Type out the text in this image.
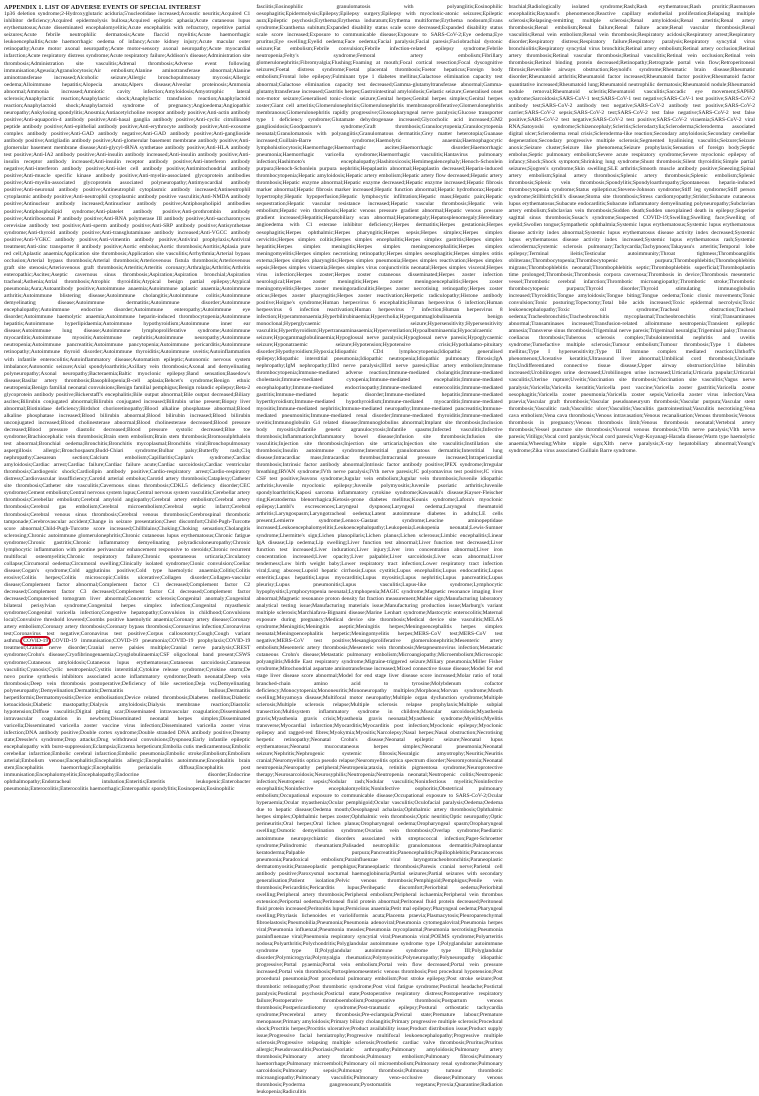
APPENDIX 1. LIST OF ADVERSE EVENTS OF SPECIAL INTEREST

1p36 deletion syndrome;2-Hydroxyglutaric aciduria;5'nucleotidase increased;Acoustic neuritis;Acquired C1 inhibitor deficiency;Acquired epidermolysis bullosa;Acquired epileptic aphasia;Acute cutaneous lupus erythematosus;Acute disseminated encephalomyelitis;Acute encephalitis with refractory, repetitive partial seizures;Acute febrile neutrophilic dermatosis;Acute flaccid myelitis;Acute haemorrhagic leukoencephalitis;Acute haemorrhagic oedema of infancy;Acute kidney injury;Acute macular outer retinopathy;Acute motor axonal neuropathy;Acute motor-sensory axonal neuropathy;Acute myocardial infarction;Acute respiratory distress syndrome;Acute respiratory failure;Addison's disease;Administration site thrombosis;Administration site vasculitis;Adrenal thrombosis;Adverse event following immunisation;Ageusia;Agranulocytosis;Air embolism;Alanine aminotransferase abnormal;Alanine aminotransferase increased;Alcoholic seizure;Allergic bronchopulmonary mycosis;Allergic oedema;Alloimmune hepatitis;Alopecia areata;Alpers disease;Alveolar proteinosis;Ammonia abnormal;Ammonia increased;Amniotic cavity infection;Amyloidosis;Amyotrophic lateral sclerosis;Anaphylactic reaction;Anaphylactic shock;Anaphylactic transfusion reaction;Anaphylactoid reaction;Anaphylactoid shock;Anaphylactoid syndrome of pregnancy;Angioedema;Angiopathic neuropathy;Ankylosing spondylitis;Anosmia;Antiacetylcholine receptor antibody positive;Anti-actin antibody positive;Anti-aquaporin-4 antibody positive;Anti-basal ganglia antibody positive;Anti-cyclic citrullinated peptide antibody positive;Anti-epithelial antibody positive;Anti-erythrocyte antibody positive;Anti-exosome complex antibody positive;Anti-GAD antibody negative;Anti-GAD antibody positive;Anti-ganglioside antibody positive;Antigliadin antibody positive;Anti-glomerular basement membrane antibody positive;Anti-glomerular basement membrane disease;Anti-glycyl-tRNA synthetase antibody positive;Anti-HLA antibody test positive;Anti-IA2 antibody positive;Anti-insulin antibody increased;Anti-insulin antibody positive;Anti-insulin receptor antibody increased;Anti-insulin receptor antibody positive;Anti-interferon antibody negative;Anti-interferon antibody positive;Anti-islet cell antibody positive;Antimitochondrial antibody positive;Anti-muscle specific kinase antibody positive;Anti-myelin-associated glycoprotein antibodies positive;Anti-myelin-associated glycoprotein associated polyneuropathy;Antimyocardial antibody positive;Anti-neuronal antibody positive;Antineutrophil cytoplasmic antibody increased;Antineutrophil cytoplasmic antibody positive;Anti-neutrophil cytoplasmic antibody positive vasculitis;Anti-NMDA antibody positive;Antinuclear antibody increased;Antinuclear antibody positive;Antiphospholipid antibodies positive;Antiphospholipid syndrome;Anti-platelet antibody positive;Anti-prothrombin antibody positive;Antiribosomal P antibody positive;Anti-RNA polymerase III antibody positive;Anti-saccharomyces cerevisiae antibody test positive;Anti-sperm antibody positive;Anti-SRP antibody positive;Antisynthetase syndrome;Anti-thyroid antibody positive;Anti-transglutaminase antibody increased;Anti-VGCC antibody positive;Anti-VGKC antibody positive;Anti-vimentin antibody positive;Antiviral prophylaxis;Antiviral treatment;Anti-zinc transporter 8 antibody positive;Aortic embolus;Aortic thrombosis;Aortitis;Aplasia pure red cell;Aplastic anaemia;Application site thrombosis;Application site vasculitis;Arrhythmia;Arterial bypass occlusion;Arterial bypass thrombosis;Arterial thrombosis;Arteriovenous fistula thrombosis;Arteriovenous graft site stenosis;Arteriovenous graft thrombosis;Arteritis;Arteritis coronary;Arthralgia;Arthritis;Arthritis enteropathic;Ascites;Aseptic cavernous sinus thrombosis;Aspiration;Aspiration bronchial;Aspiration tracheal;Asthenia;Atrial thrombosis;Atrophic thyroiditis;Atypical benign partial epilepsy;Atypical pneumonia;Aura;Autoantibody positive;Autoimmune anaemia;Autoimmune aplastic anaemia;Autoimmune arthritis;Autoimmune blistering disease;Autoimmune cholangitis;Autoimmune colitis;Autoimmune demyelinating disease;Autoimmune dermatitis;Autoimmune disorder;Autoimmune encephalopathy;Autoimmune endocrine disorder;Autoimmune enteropathy;Autoimmune eye disorder;Autoimmune haemolytic anaemia;Autoimmune heparin-induced thrombocytopenia;Autoimmune hepatitis;Autoimmune hyperlipidaemia;Autoimmune hypothyroidism;Autoimmune inner ear disease;Autoimmune lung disease;Autoimmune lymphoproliferative syndrome;Autoimmune myocarditis;Autoimmune myositis;Autoimmune nephritis;Autoimmune neuropathy;Autoimmune neutropenia;Autoimmune pancreatitis;Autoimmune pancytopenia;Autoimmune pericarditis;Autoimmune retinopathy;Autoimmune thyroid disorder;Autoimmune thyroiditis;Autoimmune uveitis;Autoinflammation with infantile enterocolitis;Autoinflammatory disease;Automatism epileptic;Autonomic nervous system imbalance;Autonomic seizure;Axial spondyloarthritis;Axillary vein thrombosis;Axonal and demyelinating polyneuropathy;Axonal neuropathy;Bacteraemia;Baltic myoclonic epilepsy;Band sensation;Basedow's disease;Basilar artery thrombosis;Basophilopenia;B-cell aplasia;Behcet's syndrome;Benign ethnic neutropenia;Benign familial neonatal convulsions;Benign familial pemphigus;Benign rolandic epilepsy;Beta-2 glycoprotein antibody positive;Bickerstaff's encephalitis;Bile output abnormal;Bile output decreased;Biliary ascites;Bilirubin conjugated abnormal;Bilirubin conjugated increased;Bilirubin urine present;Biopsy liver abnormal;Biotinidase deficiency;Birdshot chorioretinopathy;Blood alkaline phosphatase abnormal;Blood alkaline phosphatase increased;Blood bilirubin abnormal;Blood bilirubin increased;Blood bilirubin unconjugated increased;Blood cholinesterase abnormal;Blood cholinesterase decreased;Blood pressure decreased;Blood pressure diastolic decreased;Blood pressure systolic decreased;Blue toe syndrome;Brachiocephalic vein thrombosis;Brain stem embolism;Brain stem thrombosis;Bromosulphthalein test abnormal;Bronchial oedema;Bronchitis;Bronchitis mycoplasmal;Bronchitis viral;Bronchopulmonary aspergillosis allergic;Bronchospasm;Budd-Chiari syndrome;Bulbar palsy;Butterfly rash;C1q nephropathy;Caesarean section;Calcium embolism;Capillaritis;Caplan's syndrome;Cardiac amyloidosis;Cardiac arrest;Cardiac failure;Cardiac failure acute;Cardiac sarcoidosis;Cardiac ventricular thrombosis;Cardiogenic shock;Cardiolipin antibody positive;Cardio-respiratory arrest;Cardio-respiratory distress;Cardiovascular insufficiency;Carotid arterial embolus;Carotid artery thrombosis;Cataplexy;Catheter site thrombosis;Catheter site vasculitis;Cavernous sinus thrombosis;CDKL5 deficiency disorder;CEC syndrome;Cement embolism;Central nervous system lupus;Central nervous system vasculitis;Cerebellar artery thrombosis;Cerebellar embolism;Cerebral amyloid angiopathy;Cerebral artery embolism;Cerebral artery thrombosis;Cerebral gas embolism;Cerebral microembolism;Cerebral septic infarct;Cerebral thrombosis;Cerebral venous sinus thrombosis;Cerebral venous thrombosis;Cerebrospinal thrombotic tamponade;Cerebrovascular accident;Change in seizure presentation;Chest discomfort;Child-Pugh-Turcotte score abnormal;Child-Pugh-Turcotte score increased;Chillblains;Choking;Choking sensation;Cholangitis sclerosing;Chronic autoimmune glomerulonephritis;Chronic cutaneous lupus erythematosus;Chronic fatigue syndrome;Chronic gastritis;Chronic inflammatory demyelinating polyradiculoneuropathy;Chronic lymphocytic inflammation with pontine perivascular enhancement responsive to steroids;Chronic recurrent multifocal osteomyelitis;Chronic respiratory failure;Chronic spontaneous urticaria;Circulatory collapse;Circumoral oedema;Circumoral swelling;Clinically isolated syndrome;Clonic convulsion;Coeliac disease;Cogan's syndrome;Cold agglutinins positive;Cold type haemolytic anaemia;Colitis;Colitis erosive;Colitis herpes;Colitis microscopic;Colitis ulcerative;Collagen disorder;Collagen-vascular disease;Complement factor abnormal;Complement factor C1 decreased;Complement factor C2 decreased;Complement factor C3 decreased;Complement factor C4 decreased;Complement factor decreased;Computerised tomogram liver abnormal;Concentric sclerosis;Congenital anomaly;Congenital bilateral perisylvian syndrome;Congenital herpes simplex infection;Congenital myasthenic syndrome;Congenital varicella infection;Congestive hepatopathy;Convulsion in childhood;Convulsions local;Convulsive threshold lowered;Coombs positive haemolytic anaemia;Coronary artery disease;Coronary artery embolism;Coronary artery thrombosis;Coronary bypass thrombosis;Coronavirus infection;Coronavirus test;Coronavirus test negative;Coronavirus test positive;Corpus callosotomy;Cough;Cough variant asthma; COVID-19 ;COVID-19 immunisation;COVID-19 pneumonia;COVID-19 prophylaxis;COVID-19 treatment;Cranial nerve disorder;Cranial nerve palsies multiple;Cranial nerve paralysis;CREST syndrome;Crohn's disease;Cryofibrinogenaemia;Cryoglobulinaemia;CSF oligoclonal band present;CSWS syndrome;Cutaneous amyloidosis;Cutaneous lupus erythematosus;Cutaneous sarcoidosis;Cutaneous vasculitis;Cyanosis;Cyclic neutropenia;Cystitis interstitial;Cytokine release syndrome;Cytokine storm;De novo purine synthesis inhibitors associated acute inflammatory syndrome;Death neonatal;Deep vein thrombosis;Deep vein thrombosis postoperative;Deficiency of bile secretion;Deja vu;Demyelinating polyneuropathy;Demyelination;Dermatitis;Dermatitis bullous;Dermatitis herpetiformis;Dermatomyositis;Device embolisation;Device related thrombosis;Diabetes mellitus;Diabetic ketoacidosis;Diabetic mastopathy;Dialysis amyloidosis;Dialysis membrane reaction;Diastolic hypotension;Diffuse vasculitis;Digital pitting scar;Disseminated intravascular coagulation;Disseminated intravascular coagulation in newborn;Disseminated neonatal herpes simplex;Disseminated varicella;Disseminated varicella zoster vaccine virus infection;Disseminated varicella zoster virus infection;DNA antibody positive;Double cortex syndrome;Double stranded DNA antibody positive;Dreamy state;Dressler's syndrome;Drop attacks;Drug withdrawal convulsions;Dyspnoea;Early infantile epileptic encephalopathy with burst-suppression;Eclampsia;Eczema herpeticum;Embolia cutis medicamentosa;Embolic cerebellar infarction;Embolic cerebral infarction;Embolic pneumonia;Embolic stroke;Embolism;Embolism arterial;Embolism venous;Encephalitis;Encephalitis allergic;Encephalitis autoimmune;Encephalitis brain stem;Encephalitis haemorrhagic;Encephalitis periaxialis diffusa;Encephalitis post immunisation;Encephalomyelitis;Encephalopathy;Endocrine disorder;Endocrine ophthalmopathy;Endotracheal intubation;Enteritis;Enteritis leukopenic;Enterobacter pneumonia;Enterocolitis;Enterocolitis haemorrhagic;Enteropathic spondylitis;Eosinopenia;Eosinophilic

fasciitis;Eosinophilic granulomatosis with polyangiitis;Eosinophilic oesophagitis;Epidermolysis;Epilepsy;Epilepsy surgery;Epilepsy with myoclonic-atonic seizures;Epileptic aura;Epileptic psychosis;Erythema;Erythema induratum;Erythema multiforme;Erythema nodosum;Evans syndrome;Exanthema subitum;Expanded disability status scale score decreased;Expanded disability status scale score increased;Exposure to communicable disease;Exposure to SARS-CoV-2;Eye oedema;Eye pruritus;Eye swelling;Eyelid oedema;Face oedema;Facial paralysis;Facial paresis;Faciobrachial dystonic seizure;Fat embolism;Febrile convulsion;Febrile infection-related epilepsy syndrome;Febrile neutropenia;Felty's syndrome;Femoral artery embolism;Fibrillary glomerulonephritis;Fibromyalgia;Flushing;Foaming at mouth;Focal cortical resection;Focal dyscognitive seizures;Foetal distress syndrome;Foetal placental thrombosis;Foetor hepaticus;Foreign body embolism;Frontal lobe epilepsy;Fulminant type 1 diabetes mellitus;Galactose elimination capacity test abnormal;Galactose elimination capacity test decreased;Gamma-glutamyltransferase abnormal;Gamma-glutamyltransferase increased;Gastritis herpes;Gastrointestinal amyloidosis;Gelastic seizure;Generalised onset non-motor seizure;Generalised tonic-clonic seizure;Genital herpes;Genital herpes simplex;Genital herpes zoster;Giant cell arteritis;Glomerulonephritis;Glomerulonephritis membranoproliferative;Glomerulonephritis membranous;Glomerulonephritis rapidly progressive;Glossopharyngeal nerve paralysis;Glucose transporter type 1 deficiency syndrome;Glutamate dehydrogenase increased;Glycocholic acid increased;GM2 gangliosidosis;Goodpasture's syndrome;Graft thrombosis;Granulocytopenia;Granulocytopenia neonatal;Granulomatosis with polyangiitis;Granulomatous dermatitis;Grey matter heterotopia;Guanase increased;Guillain-Barre syndrome;Haemolytic anaemia;Haemophagocytic lymphohistiocytosis;Haemorrhage;Haemorrhagic ascites;Haemorrhagic disorder;Haemorrhagic pneumonia;Haemorrhagic varicella syndrome;Haemorrhagic vasculitis;Hantavirus pulmonary infection;Hashimoto's encephalopathy;Hashitoxicosis;Hemimegalencephaly;Henoch-Schonlein purpura;Henoch-Schonlein purpura nephritis;Hepaplastin abnormal;Hepaplastin decreased;Heparin-induced thrombocytopenia;Hepatic amyloidosis;Hepatic artery embolism;Hepatic artery flow decreased;Hepatic artery thrombosis;Hepatic enzyme abnormal;Hepatic enzyme decreased;Hepatic enzyme increased;Hepatic fibrosis marker abnormal;Hepatic fibrosis marker increased;Hepatic function abnormal;Hepatic hydrothorax;Hepatic hypertrophy;Hepatic hypoperfusion;Hepatic lymphocytic infiltration;Hepatic mass;Hepatic pain;Hepatic sequestration;Hepatic vascular resistance increased;Hepatic vascular thrombosis;Hepatic vein embolism;Hepatic vein thrombosis;Hepatic venous pressure gradient abnormal;Hepatic venous pressure gradient increased;Hepatitis;Hepatobiliary scan abnormal;Hepatomegaly;Hepatosplenomegaly;Hereditary angioedema with C1 esterase inhibitor deficiency;Herpes dermatitis;Herpes gestationis;Herpes oesophagitis;Herpes ophthalmic;Herpes pharyngitis;Herpes sepsis;Herpes simplex;Herpes simplex cervicitis;Herpes simplex colitis;Herpes simplex encephalitis;Herpes simplex gastritis;Herpes simplex hepatitis;Herpes simplex meningitis;Herpes simplex meningoencephalitis;Herpes simplex meningomyelitis;Herpes simplex necrotising retinopathy;Herpes simplex oesophagitis;Herpes simplex otitis externa;Herpes simplex pharyngitis;Herpes simplex pneumonia;Herpes simplex reactivation;Herpes simplex sepsis;Herpes simplex viraemia;Herpes simplex virus conjunctivitis neonatal;Herpes simplex visceral;Herpes virus infection;Herpes zoster;Herpes zoster cutaneous disseminated;Herpes zoster infection neurological;Herpes zoster meningitis;Herpes zoster meningoencephalitis;Herpes zoster meningomyelitis;Herpes zoster meningoradiculitis;Herpes zoster necrotising retinopathy;Herpes zoster oticus;Herpes zoster pharyngitis;Herpes zoster reactivation;Herpetic radiculopathy;Histone antibody positive;Hoigne's syndrome;Human herpesvirus 6 encephalitis;Human herpesvirus 6 infection;Human herpesvirus 6 infection reactivation;Human herpesvirus 7 infection;Human herpesvirus 8 infection;Hyperammonaemia;Hyperbilirubinaemia;Hypercholia;Hypergammaglobulinaemia benign monoclonal;Hyperglycaemic seizure;Hypersensitivity;Hypersensitivity vasculitis;Hyperthyroidism;Hypertransaminasaemia;Hyperventilation;Hypoalbuminaemia;Hypocalcaemic seizure;Hypogammaglobulinaemia;Hypoglossal nerve paralysis;Hypoglossal nerve paresis;Hypoglycaemic seizure;Hyponatraemic seizure;Hypotension;Hypotensive crisis;Hypothalamo-pituitary disorder;Hypothyroidism;Hypoxia;Idiopathic CD4 lymphocytopenia;Idiopathic generalised epilepsy;Idiopathic interstitial pneumonia;Idiopathic neutropenia;Idiopathic pulmonary fibrosis;IgA nephropathy;IgM nephropathy;IIIrd nerve paralysis;IIIrd nerve paresis;Iliac artery embolism;Immune thrombocytopenia;Immune-mediated adverse reaction;Immune-mediated cholangitis;Immune-mediated cholestasis;Immune-mediated cytopenia;Immune-mediated encephalitis;Immune-mediated encephalopathy;Immune-mediated endocrinopathy;Immune-mediated enterocolitis;Immune-mediated gastritis;Immune-mediated hepatic disorder;Immune-mediated hepatitis;Immune-mediated hyperthyroidism;Immune-mediated hypothyroidism;Immune-mediated myocarditis;Immune-mediated myositis;Immune-mediated nephritis;Immune-mediated neuropathy;Immune-mediated pancreatitis;Immune-mediated pneumonitis;Immune-mediated renal disorder;Immune-mediated thyroiditis;Immune-mediated uveitis;Immunoglobulin G4 related disease;Immunoglobulins abnormal;Implant site thrombosis;Inclusion body myositis;Infantile genetic agranulocytosis;Infantile spasms;Infected vasculitis;Infective thrombosis;Inflammation;Inflammatory bowel disease;Infusion site thrombosis;Infusion site vasculitis;Injection site thrombosis;Injection site urticaria;Injection site vasculitis;Instillation site thrombosis;Insulin autoimmune syndrome;Interstitial granulomatous dermatitis;Interstitial lung disease;Intracardiac mass;Intracardiac thrombus;Intracranial pressure increased;Intrapericardial thrombosis;Intrinsic factor antibody abnormal;Intrinsic factor antibody positive;IPEX syndrome;Irregular breathing;IRVAN syndrome;IVth nerve paralysis;IVth nerve paresis;JC polyomavirus test positive;JC virus CSF test positive;Jeavons syndrome;Jugular vein embolism;Jugular vein thrombosis;Juvenile idiopathic arthritis;Juvenile myoclonic epilepsy;Juvenile polymyositis;Juvenile psoriatic arthritis;Juvenile spondyloarthritis;Kaposi sarcoma inflammatory cytokine syndrome;Kawasaki's disease;Kayser-Fleischer ring;Keratoderma blenorrhagica;Ketosis-prone diabetes mellitus;Kounis syndrome;Lafora's myoclonic epilepsy;Lambl's excrescences;Laryngeal dyspnoea;Laryngeal oedema;Laryngeal rheumatoid arthritis;Laryngospasm;Laryngotracheal oedema;Latent autoimmune diabetes in adults;LE cells present;Lemierre syndrome;Lennox-Gastaut syndrome;Leucine aminopeptidase increased;Leukoencephalomyelitis;Leukoencephalopathy;Leukopenia;Leukopenia neonatal;Lewis-Sumner syndrome;Lhermitte's sign;Lichen planopilaris;Lichen planus;Lichen sclerosus;Limbic encephalitis;Linear IgA disease;Lip oedema;Lip swelling;Liver function test abnormal;Liver function test decreased;Liver function test increased;Liver induration;Liver injury;Liver iron concentration abnormal;Liver iron concentration increased;Liver opacity;Liver palpable;Liver sarcoidosis;Liver scan abnormal;Liver tenderness;Low birth weight baby;Lower respiratory tract infection;Lower respiratory tract infection viral;Lung abscess;Lupoid hepatic cirrhosis;Lupus cystitis;Lupus encephalitis;Lupus endocarditis;Lupus enteritis;Lupus hepatitis;Lupus myocarditis;Lupus myositis;Lupus nephritis;Lupus pancreatitis;Lupus pleurisy;Lupus pneumonitis;Lupus vasculitis;Lupus-like syndrome;Lymphocytic hypophysitis;Lymphocytopenia neonatal;Lymphopenia;MAGIC syndrome;Magnetic resonance imaging liver abnormal;Magnetic resonance proton density fat fraction measurement;Mahler sign;Manufacturing laboratory analytical testing issue;Manufacturing materials issue;Manufacturing production issue;Marburg's variant multiple sclerosis;Marchiafava-Bignami disease;Marine Lenhart syndrome;Mastocytic enterocolitis;Maternal exposure during pregnancy;Medical device site thrombosis;Medical device site vasculitis;MELAS syndrome;Meningitis;Meningitis aseptic;Meningitis herpes;Meningoencephalitis herpes simplex neonatal;Meningoencephalitis herpetic;Meningomyelitis herpes;MERS-CoV test;MERS-CoV test negative;MERS-CoV test positive;Mesangioproliferative glomerulonephritis;Mesenteric artery embolism;Mesenteric artery thrombosis;Mesenteric vein thrombosis;Metapneumovirus infection;Metastatic cutaneous Crohn's disease;Metastatic pulmonary embolism;Microangiopathy;Microembolism;Microscopic polyangiitis;Middle East respiratory syndrome;Migraine-triggered seizure;Miliary pneumonia;Miller Fisher syndrome;Mitochondrial aspartate aminotransferase increased;Mixed connective tissue disease;Model for end stage liver disease score abnormal;Model for end stage liver disease score increased;Molar ratio of total branched-chain amino acid to tyrosine;Molybdenum cofactor deficiency;Monocytopenia;Mononeuritis;Mononeuropathy multiplex;Morphoea;Morvan syndrome;Mouth swelling;Moyamoya disease;Multifocal motor neuropathy;Multiple organ dysfunction syndrome;Multiple sclerosis;Multiple sclerosis relapse;Multiple sclerosis relapse prophylaxis;Multiple subpial transection;Multisystem inflammatory syndrome in children;Muscular sarcoidosis;Myasthenia gravis;Myasthenia gravis crisis;Myasthenia gravis neonatal;Myasthenic syndrome;Myelitis;Myelitis transverse;Myocardial infarction;Myocarditis;Myocarditis post infection;Myoclonic epilepsy;Myoclonic epilepsy and ragged-red fibres;Myokymia;Myositis;Narcolepsy;Nasal herpes;Nasal obstruction;Necrotising herpetic retinopathy;Neonatal Crohn's disease;Neonatal epileptic seizure;Neonatal lupus erythematosus;Neonatal mucocutaneous herpes simplex;Neonatal pneumonia;Neonatal seizure;Nephritis;Nephrogenic systemic fibrosis;Neuralgic amyotrophy;Neuritis;Neuritis cranial;Neuromyelitis optica pseudo relapse;Neuromyelitis optica spectrum disorder;Neuromyotonia;Neonatal neutropenia;Neuropathy peripheral;Neutropenia;ataxia, retinitis pigmentosa syndrome;Neuroprotective therapy;Neurosarcoidosis;Neurosyphilis;Neutropenia;Neutropenia neonatal;Neutropenic colitis;Neutropenic infection;Neutropenic sepsis;Nodular rash;Nodular vasculitis;Noninfectious myelitis;Noninfective encephalitis;Noninfective encephalomyelitis;Noninfective oophoritis;Obstetrical pulmonary embolism;Occupational exposure to communicable disease;Occupational exposure to SARS-CoV-2;Ocular hyperaemia;Ocular myasthenia;Ocular pemphigoid;Ocular vasculitis;Oculofacial paralysis;Oedema;Oedema due to hepatic disease;Oedema mouth;Oesophageal achalasia;Ophthalmic artery thrombosis;Ophthalmic herpes simplex;Ophthalmic herpes zoster;Ophthalmic vein thrombosis;Optic neuritis;Optic neuropathy;Optic perineuritis;Oral herpes;Oral lichen planus;Oropharyngeal oedema;Oropharyngeal spasm;Oropharyngeal swelling;Osmotic demyelination syndrome;Ovarian vein thrombosis;Overlap syndrome;Paediatric autoimmune neuropsychiatric disorders associated with streptococcal infection;Paget-Schroetter syndrome;Palindromic rheumatism;Palisaded neutrophilic granulomatous dermatitis;Palmoplantar keratoderma;Palpable purpura;Pancreatitis;Panencephalitis;Papillophlebitis;Paracancerous pneumonia;Paradoxical embolism;Parainfluenzae viral laryngotracheobronchitis;Paraneoplastic dermatomyositis;Paraneoplastic pemphigus;Paraneoplastic thrombosis;Paresis cranial nerve;Parietal cell antibody positive;Paroxysmal nocturnal haemoglobinuria;Partial seizures;Partial seizures with secondary generalisation;Patient isolation;Pelvic venous thrombosis;Pemphigoid;Pemphigus;Penile vein thrombosis;Pericarditis;Pericarditis lupus;Perihepatic discomfort;Periorbital oedema;Periorbital swelling;Peripheral artery thrombosis;Peripheral embolism;Peripheral ischaemia;Peripheral vein thrombus extension;Periportal oedema;Peritoneal fluid protein abnormal;Peritoneal fluid protein decreased;Peritoneal fluid protein increased;Peritonitis lupus;Pernicious anaemia;Petit mal epilepsy;Pharyngeal oedema;Pharyngeal swelling;Pityriasis lichenoides et varioliformis acuta;Placenta praevia;Plasmacytosis;Pleuroparenchymal fibroelastosis;Pneumobilia;Pneumonia;Pneumonia adenoviral;Pneumonia cytomegaloviral;Pneumonia herpes viral;Pneumonia influenzal;Pneumonia measles;Pneumonia mycoplasmal;Pneumonia necrotising;Pneumonia parainfluenzae viral;Pneumonia respiratory syncytial viral;Pneumonia viral;POEMS syndrome;Polyarteritis nodosa;Polyarthritis;Polychondritis;Polyglandular autoimmune syndrome type I;Polyglandular autoimmune syndrome type II;Polyglandular autoimmune syndrome type III;Polyglandular disorder;Polymicrogyria;Polymyalgia rheumatica;Polymyositis;Polyneuropathy;Polyneuropathy idiopathic progressive;Portal pyaemia;Portal vein embolism;Portal vein flow decreased;Portal vein pressure increased;Portal vein thrombosis;Portosplenomesenteric venous thrombosis;Post procedural hypotension;Post procedural pneumonia;Post procedural pulmonary embolism;Post stroke epilepsy;Post stroke seizure;Post thrombotic retinopathy;Post thrombotic syndrome;Post viral fatigue syndrome;Postictal headache;Postictal paralysis;Postictal psychosis;Postictal state;Postoperative respiratory distress;Postoperative respiratory failure;Postoperative thromboembolism;Postoperative thrombosis;Postpartum venous thrombosis;Postpericardiotomy syndrome;Post-traumatic epilepsy;Postural orthostatic tachycardia syndrome;Precerebral artery thrombosis;Pre-eclampsia;Preictal state;Premature labour;Premature menopause;Primary amyloidosis;Primary biliary cholangitis;Primary progressive multiple sclerosis;Procedural shock;Proctitis herpes;Proctitis ulcerative;Product availability issue;Product distribution issue;Product supply issue;Progressive facial hemiatrophy;Progressive multifocal leukoencephalopathy;Progressive multiple sclerosis;Progressive relapsing multiple sclerosis;Prosthetic cardiac valve thrombosis;Pruritus;Pruritus allergic;Pseudovasculitis;Psoriasis;Psoriatic arthropathy;Pulmonary amyloidosis;Pulmonary artery thrombosis;Pulmonary artery thrombosis;Pulmonary embolism;Pulmonary fibrosis;Pulmonary haemorrhage;Pulmonary microemboli;Pulmonary oil microembolism;Pulmonary renal syndrome;Pulmonary sarcoidosis;Pulmonary sepsis;Pulmonary thrombosis;Pulmonary tumour thrombotic microangiopathy;Pulmonary vasculitis;Pulmonary veno-occlusive disease;Pulmonary venous thrombosis;Pyoderma gangrenosum;Pyostomatitis vegetans;Pyrexia;Quarantine;Radiation leukopenia;Radiculitis

brachial;Radiologically isolated syndrome;Rash;Rash erythematous;Rash pruritic;Rasmussen encephalitis;Raynaud's phenomenon;Reactive capillary endothelial proliferation;Relapsing multiple sclerosis;Relapsing-remitting multiple sclerosis;Renal amyloidosis;Renal arteritis;Renal artery thrombosis;Renal embolism;Renal failure;Renal failure acute;Renal vascular thrombosis;Renal vasculitis;Renal vein embolism;Renal vein thrombosis;Respiratory acidosis;Respiratory arrest;Respiratory disorder;Respiratory distress;Respiratory failure;Respiratory paralysis;Respiratory syncytial virus bronchiolitis;Respiratory syncytial virus bronchitis;Retinal artery embolism;Retinal artery occlusion;Retinal artery thrombosis;Retinal vascular thrombosis;Retinal vasculitis;Retinal vein occlusion;Retinal vein thrombosis;Retinol binding protein decreased;Retinopathy;Retrograde portal vein flow;Retroperitoneal fibrosis;Reversible airways obstruction;Reynold's syndrome;Rheumatic brain disease;Rheumatic disorder;Rheumatoid arthritis;Rheumatoid factor increased;Rheumatoid factor positive;Rheumatoid factor quantitative increased;Rheumatoid lung;Rheumatoid neutrophilic dermatosis;Rheumatoid nodule;Rheumatoid nodule removal;Rheumatoid scleritis;Rheumatoid vasculitis;Saccadic eye movement;SAPHO syndrome;Sarcoidosis;SARS-CoV-1 test;SARS-CoV-1 test negative;SARS-CoV-1 test positive;SARS-CoV-2 antibody test;SARS-CoV-2 antibody test negative;SARS-CoV-2 antibody test positive;SARS-CoV-2 carrier;SARS-CoV-2 sepsis;SARS-CoV-2 test;SARS-CoV-2 test false negative;SARS-CoV-2 test false positive;SARS-CoV-2 test negative;SARS-CoV-2 test positive;SARS-CoV-2 viraemia;SARS-CoV-2 viral RNA;Satoyoshi syndrome;Schizencephaly;Scleritis;Sclerodactylia;Scleroderma;Scleroderma associated digital ulcer;Scleroderma renal crisis;Scleroderma-like reaction;Secondary amyloidosis;Secondary cerebellar degeneration;Secondary progressive multiple sclerosis;Segmented hyalinising vasculitis;Seizure;Seizure anoxic;Seizure cluster;Seizure like phenomena;Seizure prophylaxis;Sensation of foreign body;Septic embolus;Septic pulmonary embolism;Severe acute respiratory syndrome;Severe myoclonic epilepsy of infancy;Shock;Shock symptom;Shrinking lung syndrome;Shunt thrombosis;Silent thyroiditis;Simple partial seizures;Sjogren's syndrome;Skin swelling;SLE arthritis;Smooth muscle antibody positive;Sneezing;Spinal artery embolism;Spinal artery thrombosis;Splenic artery thrombosis;Splenic embolism;Splenic thrombosis;Splenic vein thrombosis;Spondylitis;Spondyloarthropathy;Spontaneous heparin-induced thrombocytopenia syndrome;Status epilepticus;Stevens-Johnson syndrome;Stiff leg syndrome;Stiff person syndrome;Stillbirth;Still's disease;Stoma site thrombosis;Stress cardiomyopathy;Stridor;Subacute cutaneous lupus erythematosus;Subacute endocarditis;Subacute inflammatory demyelinating polyneuropathy;Subclavian artery embolism;Subclavian vein thrombosis;Sudden death;Sudden unexplained death in epilepsy;Superior sagittal sinus thrombosis;Susac's syndrome;Suspected COVID-19;Swelling;Swelling face;Swelling of eyelid;Swollen tongue;Sympathetic ophthalmia;Systemic lupus erythematosus;Systemic lupus erythematosus disease activity index abnormal;Systemic lupus erythematosus disease activity index decreased;Systemic lupus erythematosus disease activity index increased;Systemic lupus erythematosus rash;Systemic scleroderma;Systemic sclerosis pulmonary;Tachycardia;Tachypnoea;Takayasu's arteritis;Temporal lobe epilepsy;Terminal ileitis;Testicular autoimmunity;Throat tightness;Thromboangiitis obliterans;Thrombocytopenia;Thrombocytopenic purpura;Thrombophlebitis;Thrombophlebitis migrans;Thrombophlebitis neonatal;Thrombophlebitis septic;Thrombophlebitis superficial;Thromboplastin time prolonged;Thrombosis;Thrombosis corpora cavernosa;Thrombosis in device;Thrombosis mesenteric vessel;Thrombotic cerebral infarction;Thrombotic microangiopathy;Thrombotic stroke;Thrombotic thrombocytopenic purpura;Thyroid disorder;Thyroid stimulating immunoglobulin increased;Thyroiditis;Tongue amyloidosis;Tongue biting;Tongue oedema;Tonic clonic movements;Tonic convulsion;Tonic posturing;Topectomy;Total bile acids increased;Toxic epidermal necrolysis;Toxic leukoencephalopathy;Toxic oil syndrome;Tracheal obstruction;Tracheal oedema;Tracheobronchitis;Tracheobronchitis mycoplasmal;Tracheobronchitis viral;Transaminases abnormal;Transaminases increased;Transfusion-related alloimmune neutropenia;Transient epileptic amnesia;Transverse sinus thrombosis;Trigeminal nerve paresis;Trigeminal neuralgia;Trigeminal palsy;Truncus coeliacus thrombosis;Tuberous sclerosis complex;Tubulointerstitial nephritis and uveitis syndrome;Tumefactive multiple sclerosis;Tumour embolism;Tumour thrombosis;Type 1 diabetes mellitus;Type I hypersensitivity;Type III immune complex mediated reaction;Uhthoff's phenomenon;Ulcerative keratitis;Ultrasound liver abnormal;Umbilical cord thrombosis;Uncinate fits;Undifferentiated connective tissue disease;Upper airway obstruction;Urine bilirubin increased;Urobilinogen urine decreased;Urobilinogen urine increased;Urticaria;Urticaria papular;Urticarial vasculitis;Uterine rupture;Uveitis;Vaccination site thrombosis;Vaccination site vasculitis;Vagus nerve paralysis;Varicella;Varicella keratitis;Varicella post vaccine;Varicella zoster gastritis;Varicella zoster oesophagitis;Varicella zoster pneumonia;Varicella zoster sepsis;Varicella zoster virus infection;Vasa praevia;Vascular graft thrombosis;Vascular pseudoaneurysm thrombosis;Vascular purpura;Vascular stent thrombosis;Vasculitic rash;Vasculitic ulcer;Vasculitis;Vasculitis gastrointestinal;Vasculitis necrotising;Vena cava embolism;Vena cava thrombosis;Venous intravasation;Venous recanalisation;Venous thrombosis;Venous thrombosis in pregnancy;Venous thrombosis limb;Venous thrombosis neonatal;Vertebral artery thrombosis;Vessel puncture site thrombosis;Visceral venous thrombosis;VIth nerve paralysis;VIth nerve paresis;Vitiligo;Vocal cord paralysis;Vocal cord paresis;Vogt-Koyanagi-Harada disease;Warm type haemolytic anaemia;Wheezing;White nipple sign;XIth nerve paralysis;X-ray hepatobiliary abnormal;Young's syndrome;Zika virus associated Guillain Barre syndrome.
